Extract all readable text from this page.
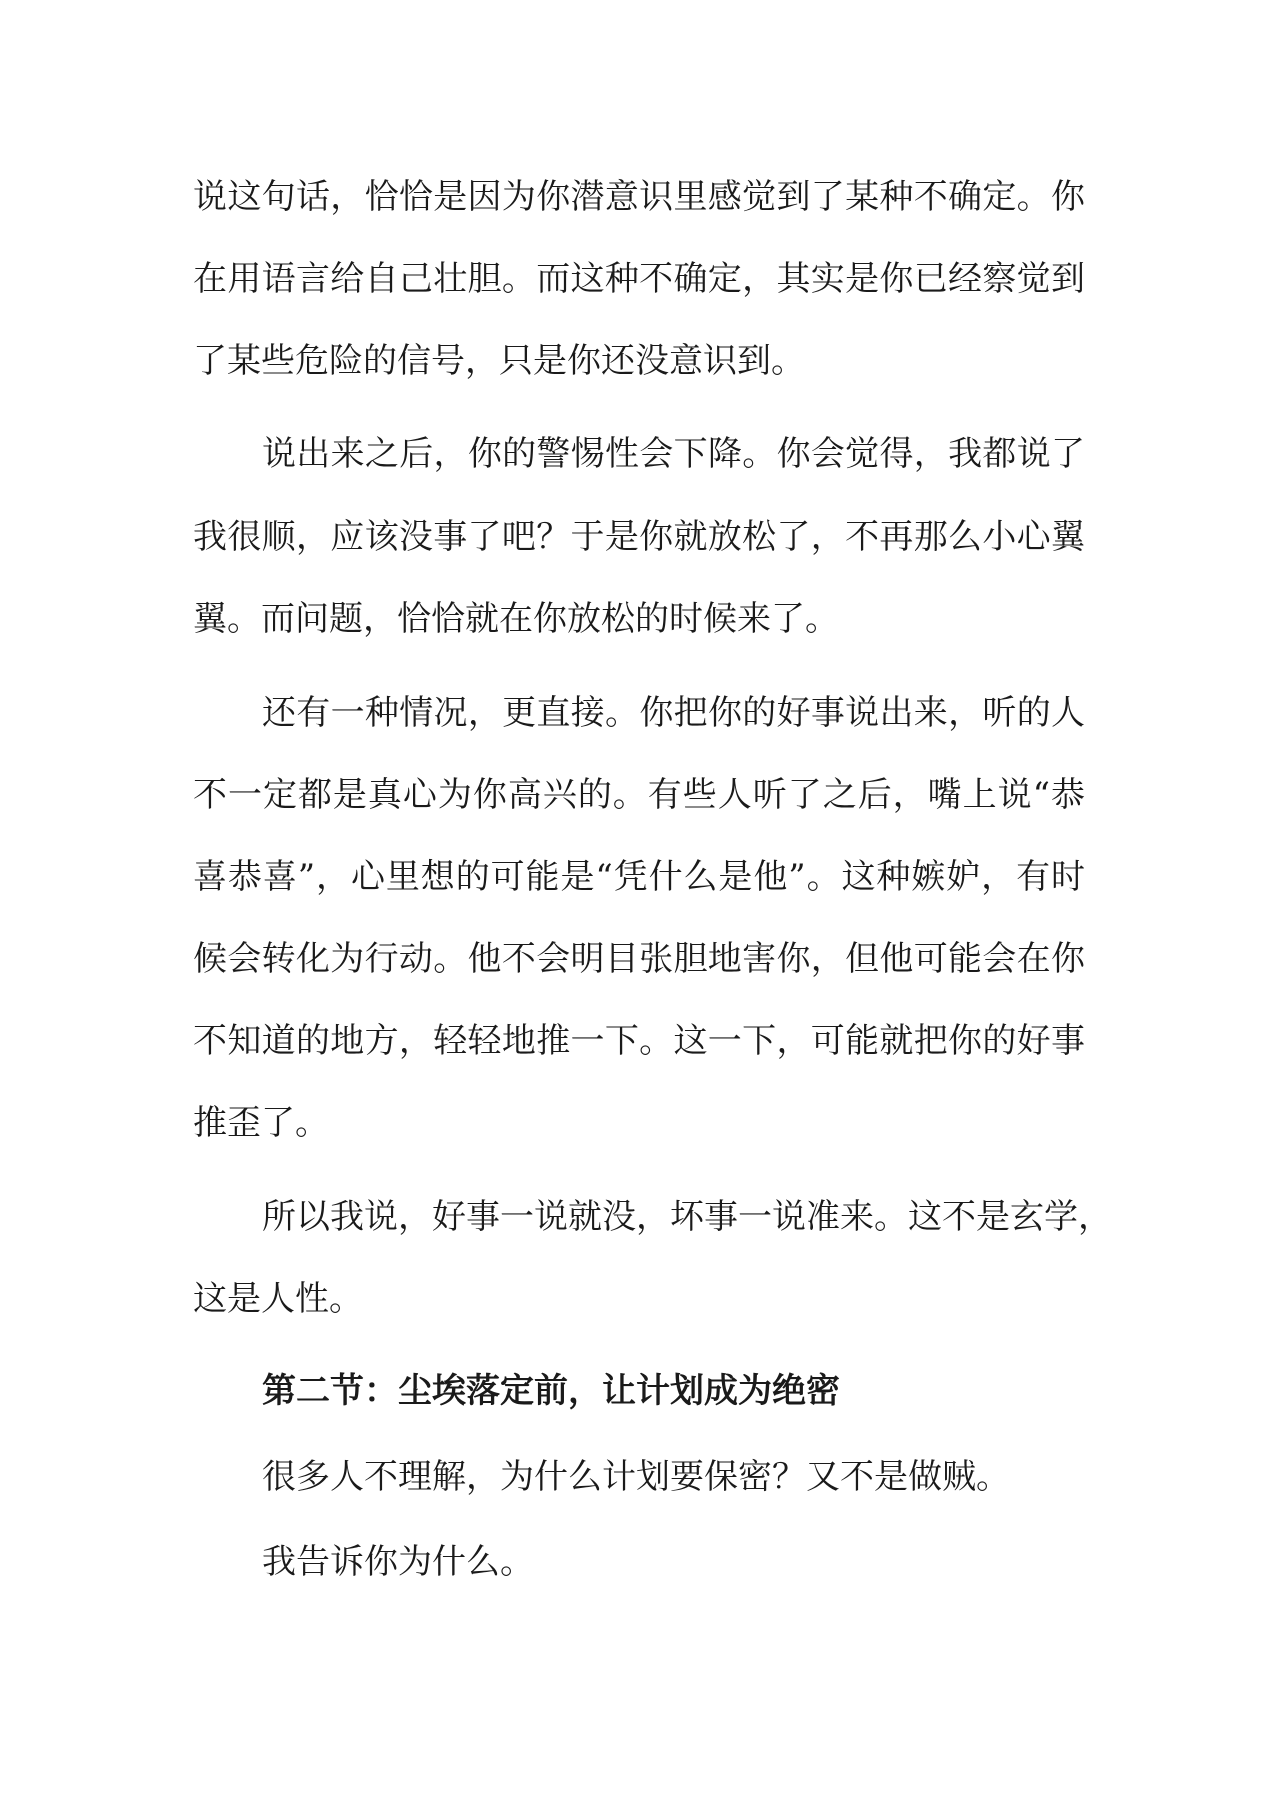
说这句话，恰恰是因为你潜意识里感觉到了某种不确定。你
在用语言给自己壮胆。而这种不确定，其实是你已经察觉到
了某些危险的信号，只是你还没意识到。
说出来之后，你的警惕性会下降。你会觉得，我都说了
我很顺，应该没事了吧？于是你就放松了，不再那么小心翼
翼。而问题，恰恰就在你放松的时候来了。
还有一种情况，更直接。你把你的好事说出来，听的人
不一定都是真心为你高兴的。有些人听了之后，嘴上说“恭
喜恭喜”，心里想的可能是“凭什么是他”。这种嫉妒，有时
候会转化为行动。他不会明目张胆地害你，但他可能会在你
不知道的地方，轻轻地推一下。这一下，可能就把你的好事
推歪了。
所以我说，好事一说就没，坏事一说准来。这不是玄学，
这是人性。
第二节：尘埃落定前，让计划成为绝密
很多人不理解，为什么计划要保密？又不是做贼。
我告诉你为什么。
